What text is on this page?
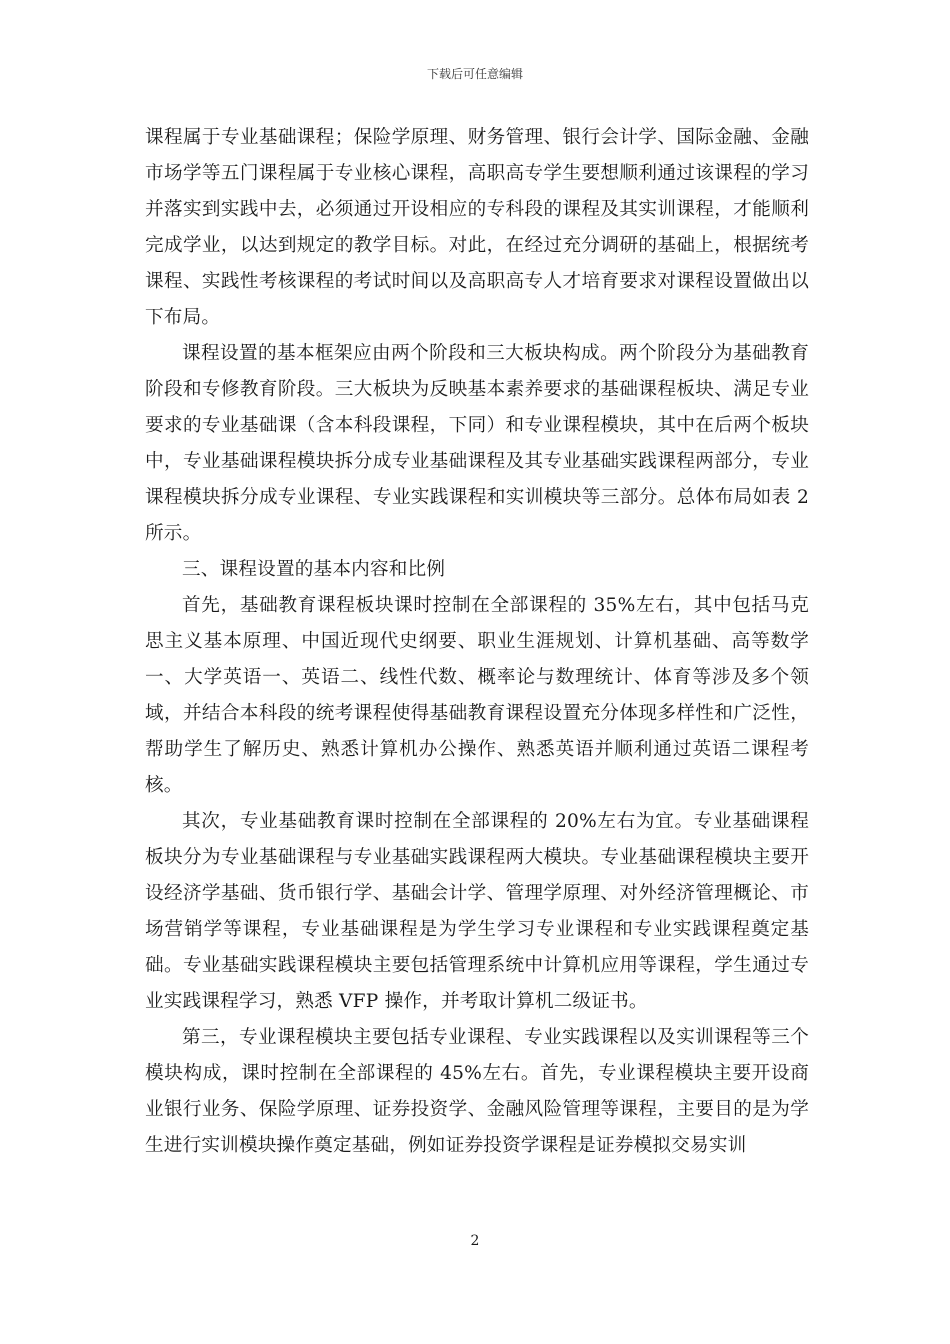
下载后可任意编辑

课程属于专业基础课程；保险学原理、财务管理、银行会计学、国际金融、金融市场学等五门课程属于专业核心课程，高职高专学生要想顺利通过该课程的学习并落实到实践中去，必须通过开设相应的专科段的课程及其实训课程，才能顺利完成学业，以达到规定的教学目标。对此，在经过充分调研的基础上，根据统考课程、实践性考核课程的考试时间以及高职高专人才培育要求对课程设置做出以下布局。

课程设置的基本框架应由两个阶段和三大板块构成。两个阶段分为基础教育阶段和专修教育阶段。三大板块为反映基本素养要求的基础课程板块、满足专业要求的专业基础课（含本科段课程，下同）和专业课程模块，其中在后两个板块中，专业基础课程模块拆分成专业基础课程及其专业基础实践课程两部分，专业课程模块拆分成专业课程、专业实践课程和实训模块等三部分。总体布局如表 2 所示。

三、课程设置的基本内容和比例

首先，基础教育课程板块课时控制在全部课程的 35%左右，其中包括马克思主义基本原理、中国近现代史纲要、职业生涯规划、计算机基础、高等数学一、大学英语一、英语二、线性代数、概率论与数理统计、体育等涉及多个领域，并结合本科段的统考课程使得基础教育课程设置充分体现多样性和广泛性，帮助学生了解历史、熟悉计算机办公操作、熟悉英语并顺利通过英语二课程考核。

其次，专业基础教育课时控制在全部课程的 20%左右为宜。专业基础课程板块分为专业基础课程与专业基础实践课程两大模块。专业基础课程模块主要开设经济学基础、货币银行学、基础会计学、管理学原理、对外经济管理概论、市场营销学等课程，专业基础课程是为学生学习专业课程和专业实践课程奠定基础。专业基础实践课程模块主要包括管理系统中计算机应用等课程，学生通过专业实践课程学习，熟悉 VFP 操作，并考取计算机二级证书。

第三，专业课程模块主要包括专业课程、专业实践课程以及实训课程等三个模块构成，课时控制在全部课程的 45%左右。首先，专业课程模块主要开设商业银行业务、保险学原理、证券投资学、金融风险管理等课程，主要目的是为学生进行实训模块操作奠定基础，例如证券投资学课程是证券模拟交易实训

2
